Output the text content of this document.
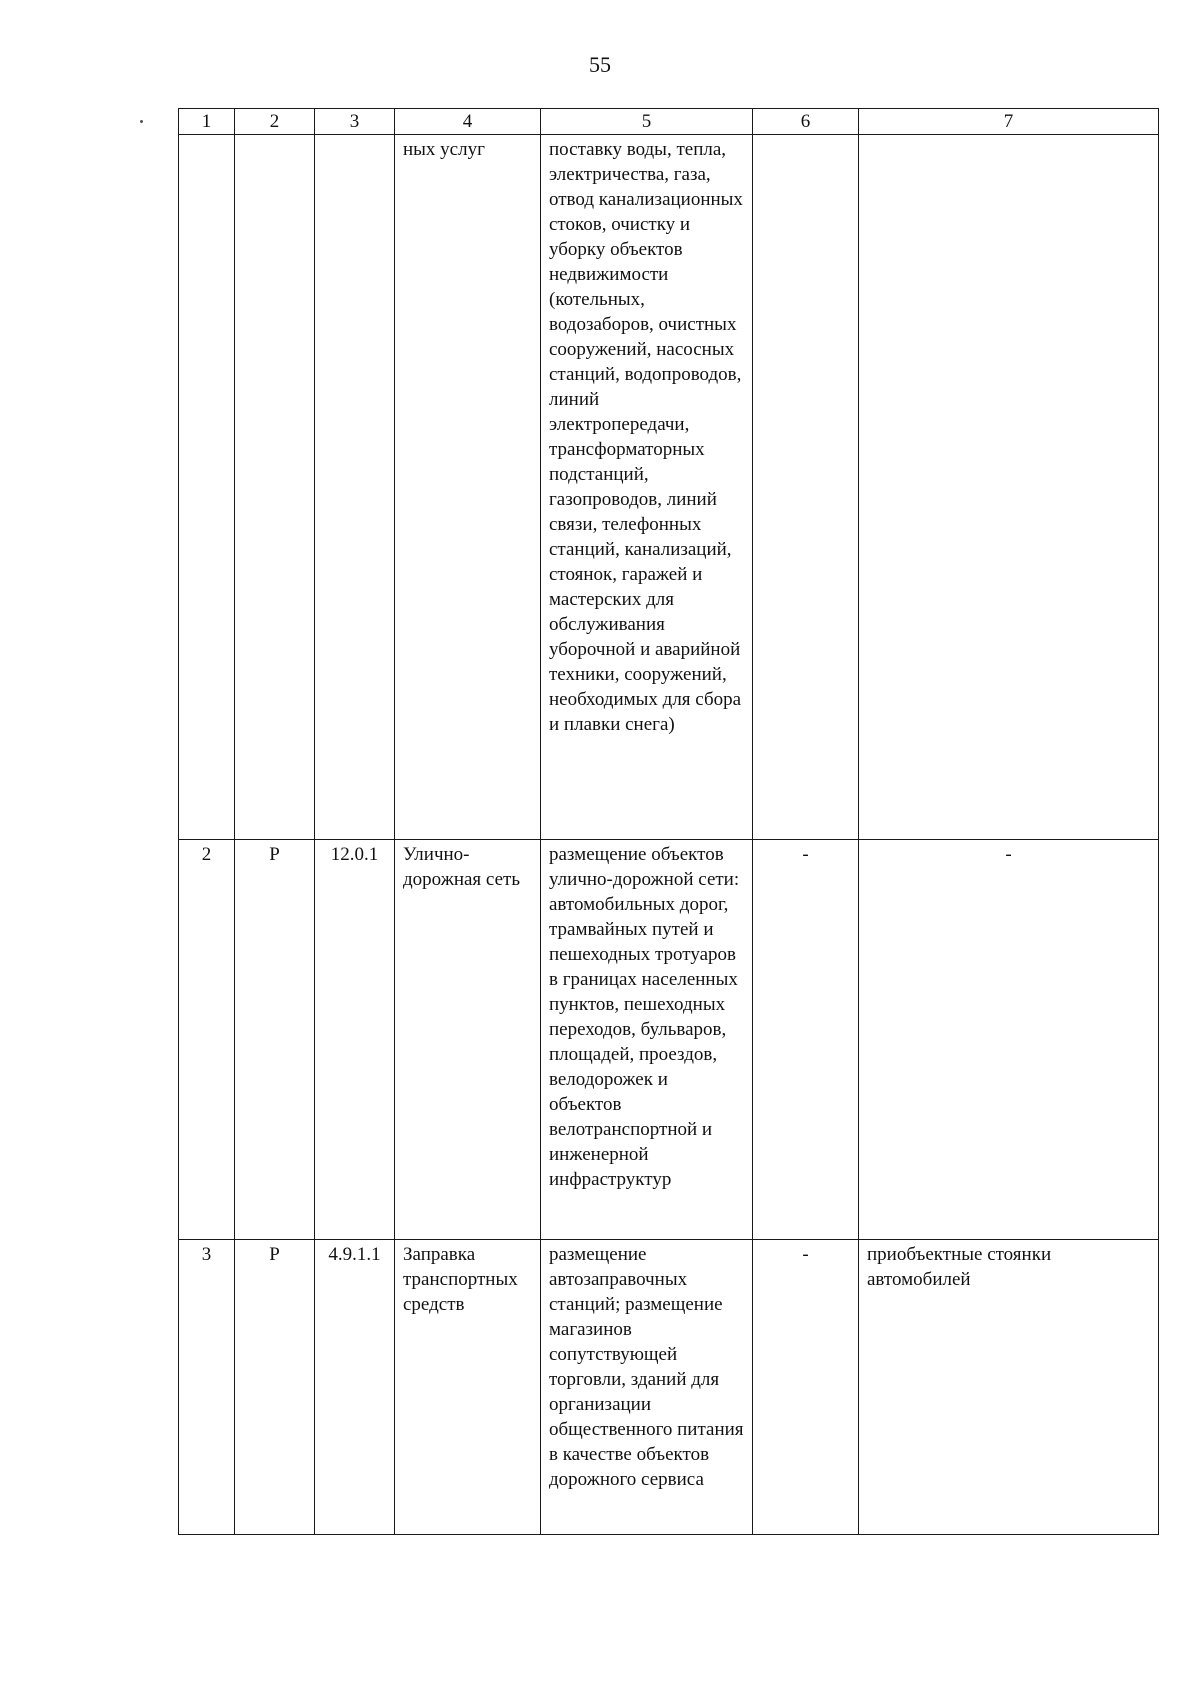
55
1	2	3	4	5	6	7
			ных услуг	поставку воды, тепла, электричества, газа, отвод канализационных стоков, очистку и уборку объектов недвижимости (котельных, водозаборов, очистных сооружений, насосных станций, водопроводов, линий электропередачи, трансформаторных подстанций, газопроводов, линий связи, телефонных станций, канализаций, стоянок, гаражей и мастерских для обслуживания уборочной и аварийной техники, сооружений, необходимых для сбора и плавки снега)		
2	Р	12.0.1	Улично-дорожная сеть	размещение объектов улично-дорожной сети: автомобильных дорог, трамвайных путей и пешеходных тротуаров в границах населенных пунктов, пешеходных переходов, бульваров, площадей, проездов, велодорожек и объектов велотранспортной и инженерной инфраструктур	-	-
3	Р	4.9.1.1	Заправка транспортных средств	размещение автозаправочных станций; размещение магазинов сопутствующей торговли, зданий для организации общественного питания в качестве объектов дорожного сервиса	-	приобъектные стоянки автомобилей
